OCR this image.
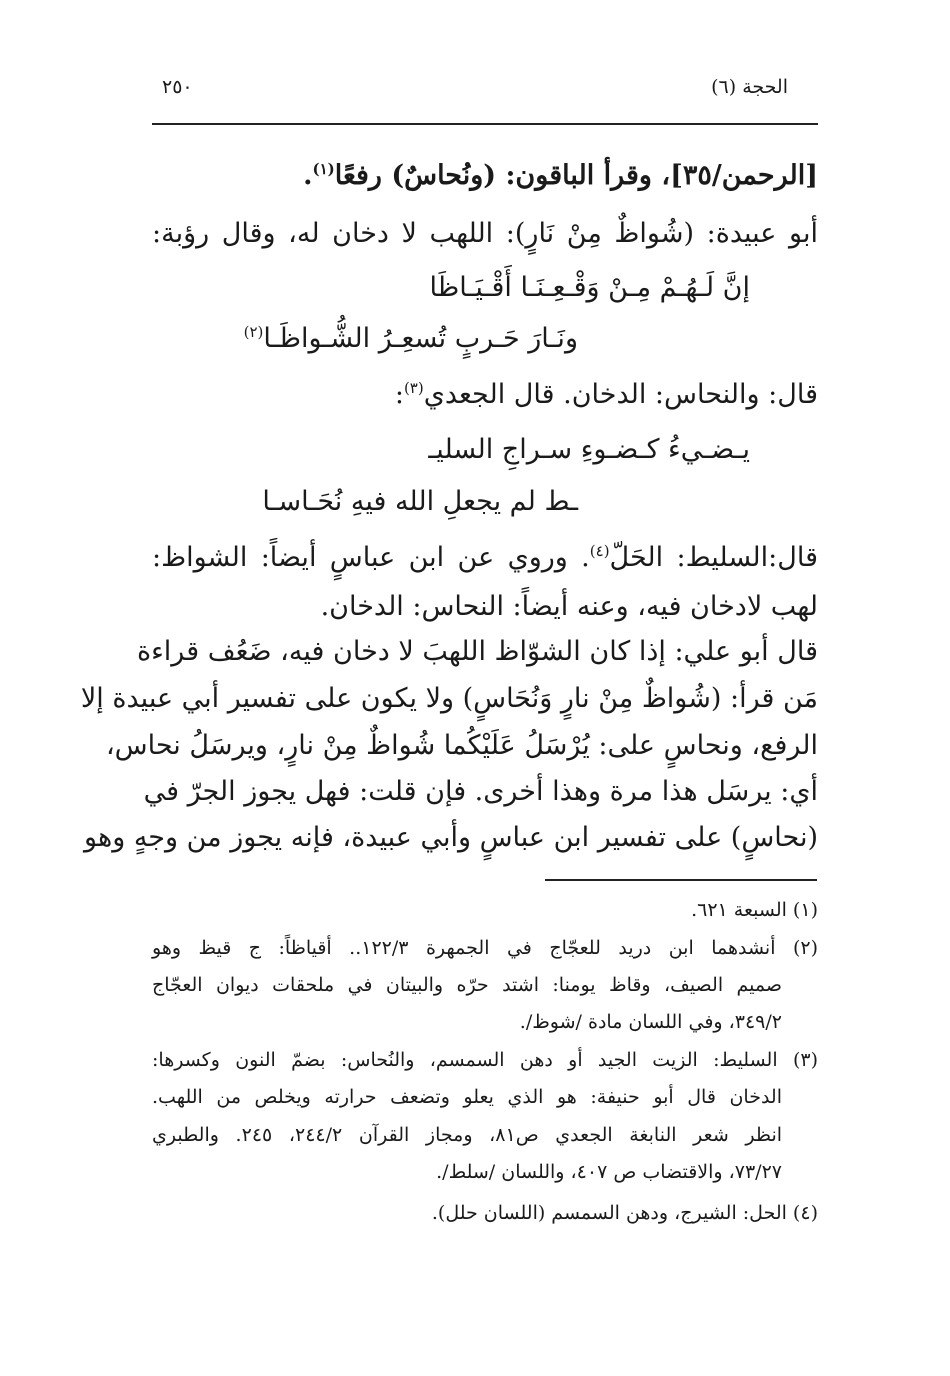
٢٥٠	الحجة (٦)
[الرحمن/٣٥]، وقرأ الباقون: (ونُحاسٌ) رفعًا$^{(١)}$.
أبو عبيدة: (شُواظٌ مِنْ نَارٍ): اللهب لا دخان له، وقال رؤبة:
إنَّ لَـهُـمْ مِـنْ وَقْـعِـنَـا أَقْـيَـاظَا
ونَـارَ حَـربٍ تُسعِـرُ الشُّـواظَـا$^{(٢)}$
قال: والنحاس: الدخان. قال الجعدي$^{(٣)}$:
يـضـيءُ كـضـوءِ سـراجِ السليـ
ـط لم يجعلِ الله فيهِ نُحَـاسـا
قال:السليط: الحَلّ$^{(٤)}$. وروي عن ابن عباسٍ أيضاً: الشواظ:
لهب لادخان فيه، وعنه أيضاً: النحاس: الدخان.
قال أبو علي: إذا كان الشوّاظ اللهبَ لا دخان فيه، ضَعُف قراءة
مَن قرأ: (شُواظٌ مِنْ نارٍ وَنُحَاسٍ) ولا يكون على تفسير أبي عبيدة إلا
الرفع، ونحاسٍ على: يُرْسَلُ عَلَيْكُما شُواظٌ مِنْ نارٍ، ويرسَلُ نحاس،
أي: يرسَل هذا مرة وهذا أخرى. فإن قلت: فهل يجوز الجرّ في
(نحاسٍ) على تفسير ابن عباسٍ وأبي عبيدة، فإنه يجوز من وجهٍ وهو
(١) السبعة ٦٢١.
(٢) أنشدهما ابن دريد للعجّاج في الجمهرة ١٢٢/٣.. أقياظاً: ج قيظ وهو
صميم الصيف، وقاظ يومنا: اشتد حرّه والبيتان في ملحقات ديوان العجّاج
٣٤٩/٢، وفي اللسان مادة /شوظ/.
(٣) السليط: الزيت الجيد أو دهن السمسم، والنُحاس: بضمّ النون وكسرها:
الدخان قال أبو حنيفة: هو الذي يعلو وتضعف حرارته ويخلص من اللهب.
انظر شعر النابغة الجعدي ص٨١، ومجاز القرآن ٢٤٤/٢، ٢٤٥. والطبري
٧٣/٢٧، والاقتضاب ص ٤٠٧، واللسان /سلط/.
(٤) الحل: الشيرج، ودهن السمسم (اللسان حلل).
